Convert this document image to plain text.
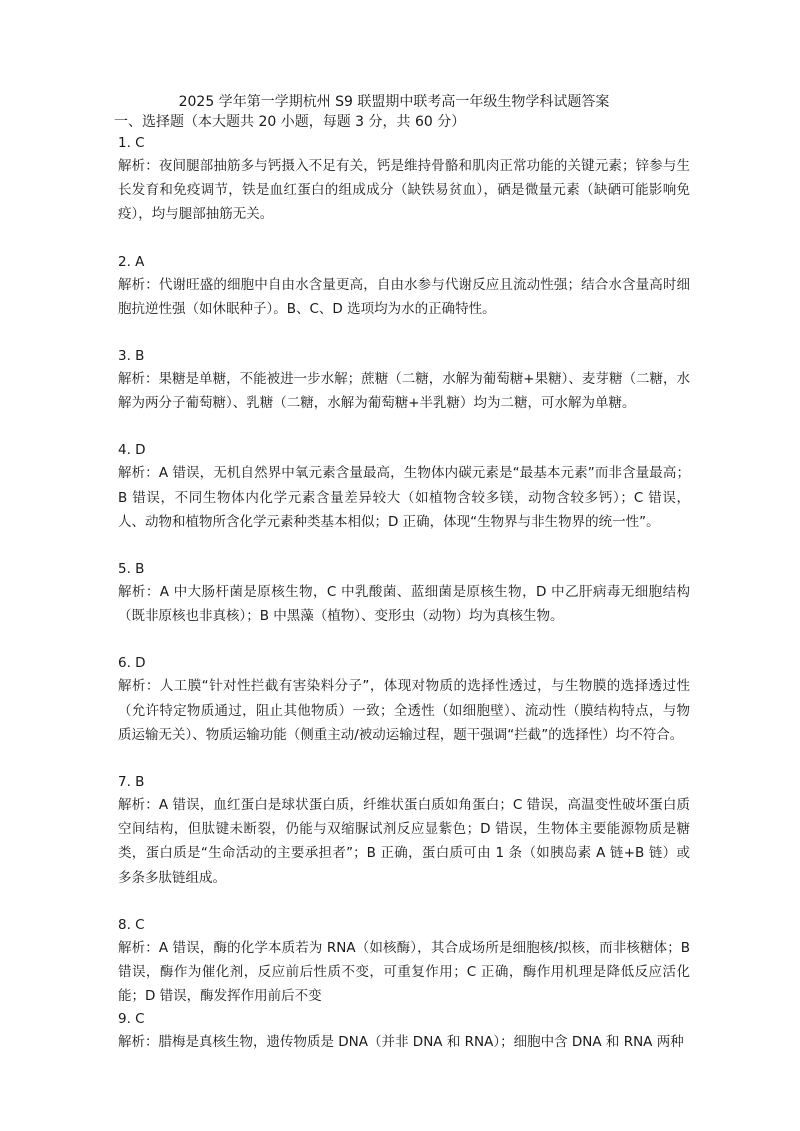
2025 学年第一学期杭州 S9 联盟期中联考高一年级生物学科试题答案
一、选择题（本大题共 20 小题，每题 3 分，共 60 分）
1. C
解析：夜间腿部抽筋多与钙摄入不足有关，钙是维持骨骼和肌肉正常功能的关键元素；锌参与生长发育和免疫调节，铁是血红蛋白的组成成分（缺铁易贫血），硒是微量元素（缺硒可能影响免疫），均与腿部抽筋无关。
2. A
解析：代谢旺盛的细胞中自由水含量更高，自由水参与代谢反应且流动性强；结合水含量高时细胞抗逆性强（如休眠种子）。B、C、D 选项均为水的正确特性。
3. B
解析：果糖是单糖，不能被进一步水解；蔗糖（二糖，水解为葡萄糖+果糖）、麦芽糖（二糖，水解为两分子葡萄糖）、乳糖（二糖，水解为葡萄糖+半乳糖）均为二糖，可水解为单糖。
4. D
解析：A 错误，无机自然界中氧元素含量最高，生物体内碳元素是“最基本元素”而非含量最高；B 错误，不同生物体内化学元素含量差异较大（如植物含较多镁，动物含较多钙）；C 错误，人、动物和植物所含化学元素种类基本相似；D 正确，体现“生物界与非生物界的统一性”。
5. B
解析：A 中大肠杆菌是原核生物，C 中乳酸菌、蓝细菌是原核生物，D 中乙肝病毒无细胞结构（既非原核也非真核）；B 中黑藻（植物）、变形虫（动物）均为真核生物。
6. D
解析：人工膜“针对性拦截有害染料分子”，体现对物质的选择性透过，与生物膜的选择透过性（允许特定物质通过，阻止其他物质）一致；全透性（如细胞壁）、流动性（膜结构特点，与物质运输无关）、物质运输功能（侧重主动/被动运输过程，题干强调“拦截”的选择性）均不符合。
7. B
解析：A 错误，血红蛋白是球状蛋白质，纤维状蛋白质如角蛋白；C 错误，高温变性破坏蛋白质空间结构，但肽键未断裂，仍能与双缩脲试剂反应显紫色；D 错误，生物体主要能源物质是糖类，蛋白质是“生命活动的主要承担者”；B 正确，蛋白质可由 1 条（如胰岛素 A 链+B 链）或多条多肽链组成。
8. C
解析：A 错误，酶的化学本质若为 RNA（如核酶），其合成场所是细胞核/拟核，而非核糖体；B 错误，酶作为催化剂，反应前后性质不变，可重复作用；C 正确，酶作用机理是降低反应活化能；D 错误，酶发挥作用前后不变
9. C
解析：腊梅是真核生物，遗传物质是 DNA（并非 DNA 和 RNA）；细胞中含 DNA 和 RNA 两种
